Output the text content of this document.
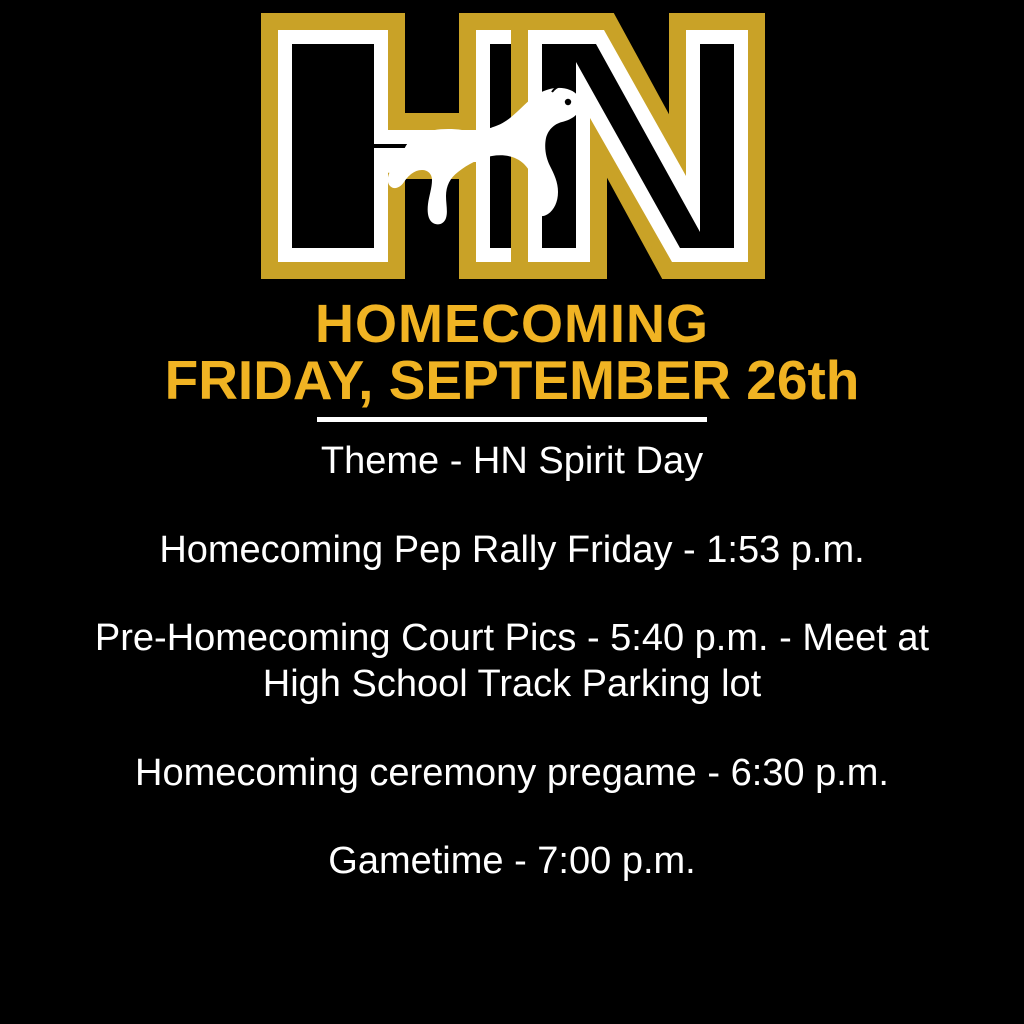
HOMECOMING
FRIDAY, SEPTEMBER 26th
Theme - HN Spirit Day
Homecoming Pep Rally Friday - 1:53 p.m.
Pre-Homecoming Court Pics - 5:40 p.m. - Meet at
High School Track Parking lot
Homecoming ceremony pregame - 6:30 p.m.
Gametime - 7:00 p.m.
